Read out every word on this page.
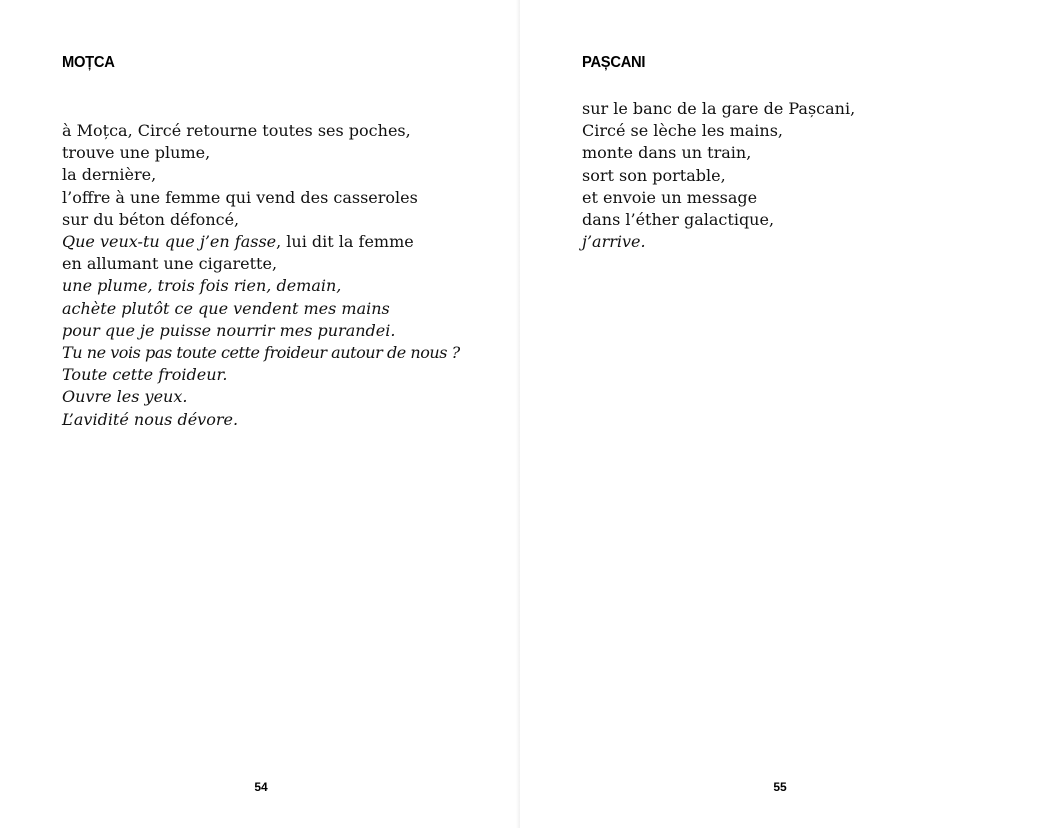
MOȚCA
à Moțca, Circé retourne toutes ses poches,
trouve une plume,
la dernière,
l’offre à une femme qui vend des casseroles
sur du béton défoncé,
Que veux-tu que j’en fasse, lui dit la femme
en allumant une cigarette,
une plume, trois fois rien, demain,
achète plutôt ce que vendent mes mains
pour que je puisse nourrir mes purandei.
Tu ne vois pas toute cette froideur autour de nous ?
Toute cette froideur.
Ouvre les yeux.
L’avidité nous dévore.
54
PAȘCANI
sur le banc de la gare de Pașcani,
Circé se lèche les mains,
monte dans un train,
sort son portable,
et envoie un message
dans l’éther galactique,
j’arrive.
55
